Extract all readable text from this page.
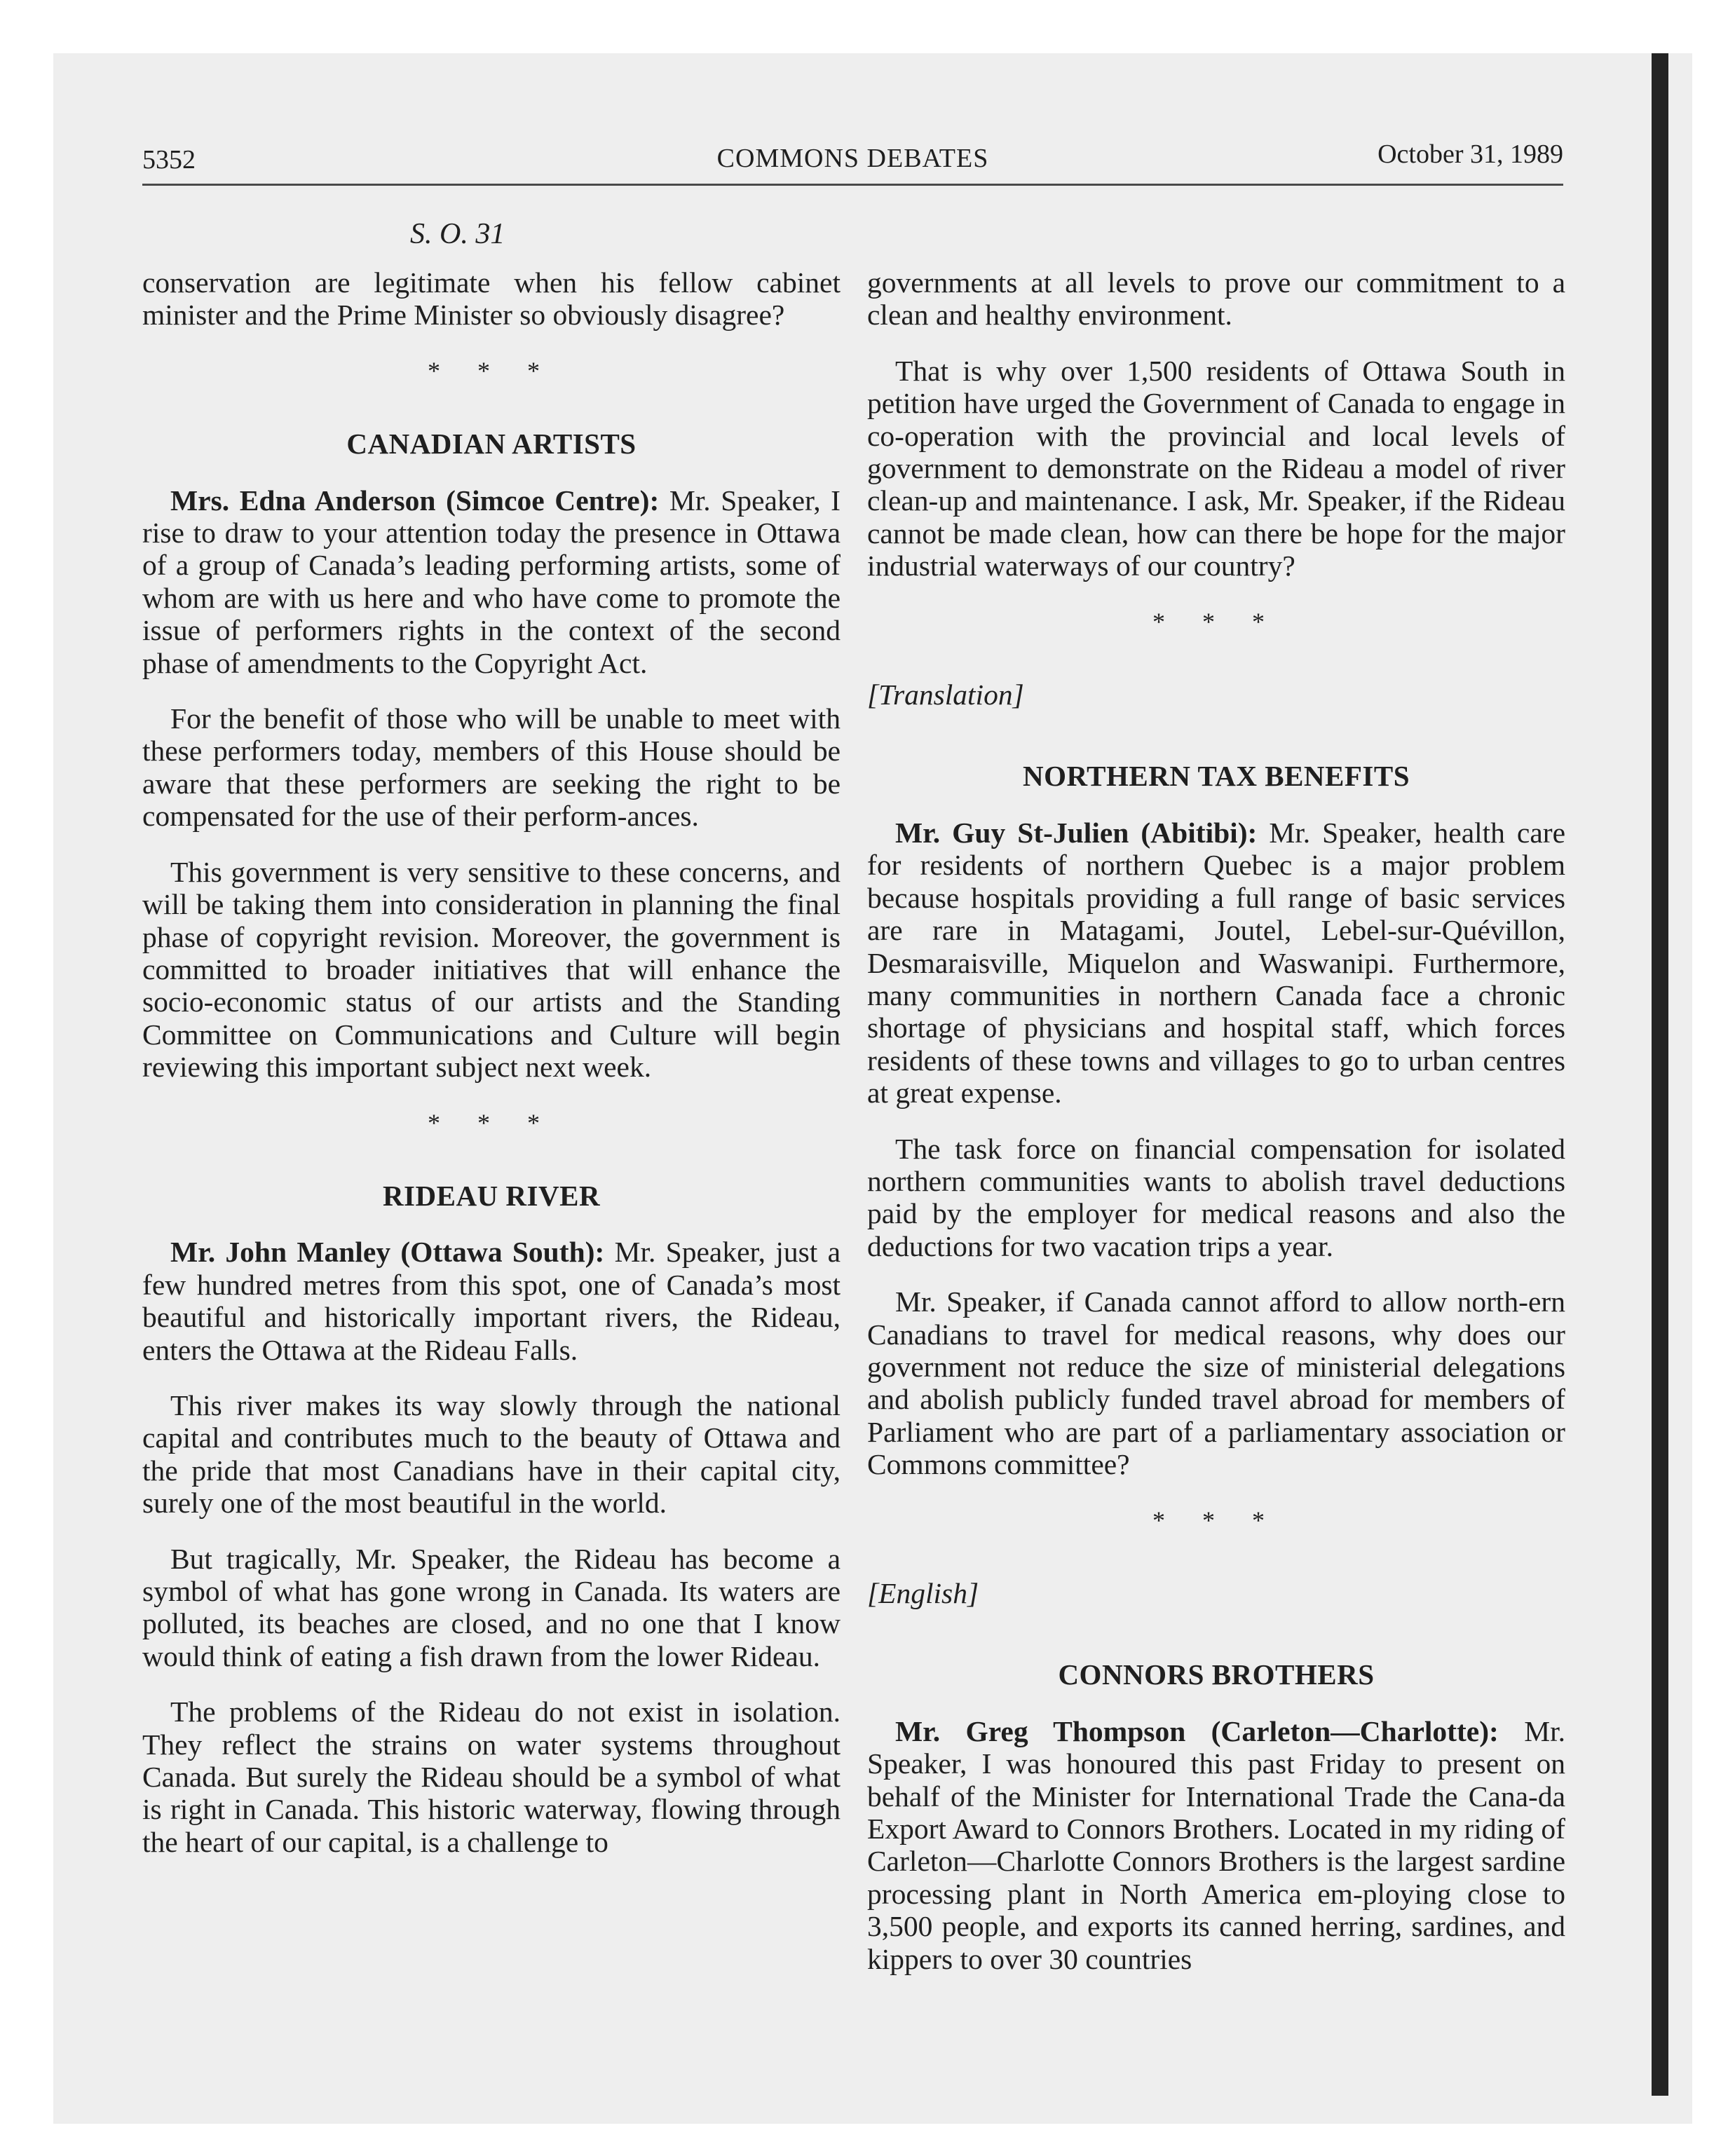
5352	COMMONS DEBATES	October 31, 1989
S. O. 31

conservation are legitimate when his fellow cabinet minister and the Prime Minister so obviously disagree?

* * *
CANADIAN ARTISTS

Mrs. Edna Anderson (Simcoe Centre): Mr. Speaker, I rise to draw to your attention today the presence in Ottawa of a group of Canada’s leading performing artists, some of whom are with us here and who have come to promote the issue of performers rights in the context of the second phase of amendments to the Copyright Act.

For the benefit of those who will be unable to meet with these performers today, members of this House should be aware that these performers are seeking the right to be compensated for the use of their perform-ances.

This government is very sensitive to these concerns, and will be taking them into consideration in planning the final phase of copyright revision. Moreover, the government is committed to broader initiatives that will enhance the socio-economic status of our artists and the Standing Committee on Communications and Culture will begin reviewing this important subject next week.

* * *
RIDEAU RIVER

Mr. John Manley (Ottawa South): Mr. Speaker, just a few hundred metres from this spot, one of Canada’s most beautiful and historically important rivers, the Rideau, enters the Ottawa at the Rideau Falls.

This river makes its way slowly through the national capital and contributes much to the beauty of Ottawa and the pride that most Canadians have in their capital city, surely one of the most beautiful in the world.

But tragically, Mr. Speaker, the Rideau has become a symbol of what has gone wrong in Canada. Its waters are polluted, its beaches are closed, and no one that I know would think of eating a fish drawn from the lower Rideau.

The problems of the Rideau do not exist in isolation. They reflect the strains on water systems throughout Canada. But surely the Rideau should be a symbol of what is right in Canada. This historic waterway, flowing through the heart of our capital, is a challenge to

governments at all levels to prove our commitment to a clean and healthy environment.

That is why over 1,500 residents of Ottawa South in petition have urged the Government of Canada to engage in co-operation with the provincial and local levels of government to demonstrate on the Rideau a model of river clean-up and maintenance. I ask, Mr. Speaker, if the Rideau cannot be made clean, how can there be hope for the major industrial waterways of our country?

* * *
[Translation]
NORTHERN TAX BENEFITS

Mr. Guy St-Julien (Abitibi): Mr. Speaker, health care for residents of northern Quebec is a major problem because hospitals providing a full range of basic services are rare in Matagami, Joutel, Lebel-sur-Quévillon, Desmaraisville, Miquelon and Waswanipi. Furthermore, many communities in northern Canada face a chronic shortage of physicians and hospital staff, which forces residents of these towns and villages to go to urban centres at great expense.

The task force on financial compensation for isolated northern communities wants to abolish travel deductions paid by the employer for medical reasons and also the deductions for two vacation trips a year.

Mr. Speaker, if Canada cannot afford to allow north-ern Canadians to travel for medical reasons, why does our government not reduce the size of ministerial delegations and abolish publicly funded travel abroad for members of Parliament who are part of a parliamentary association or Commons committee?

* * *
[English]
CONNORS BROTHERS

Mr. Greg Thompson (Carleton—Charlotte): Mr. Speaker, I was honoured this past Friday to present on behalf of the Minister for International Trade the Cana-da Export Award to Connors Brothers. Located in my riding of Carleton—Charlotte Connors Brothers is the largest sardine processing plant in North America em-ploying close to 3,500 people, and exports its canned herring, sardines, and kippers to over 30 countries
